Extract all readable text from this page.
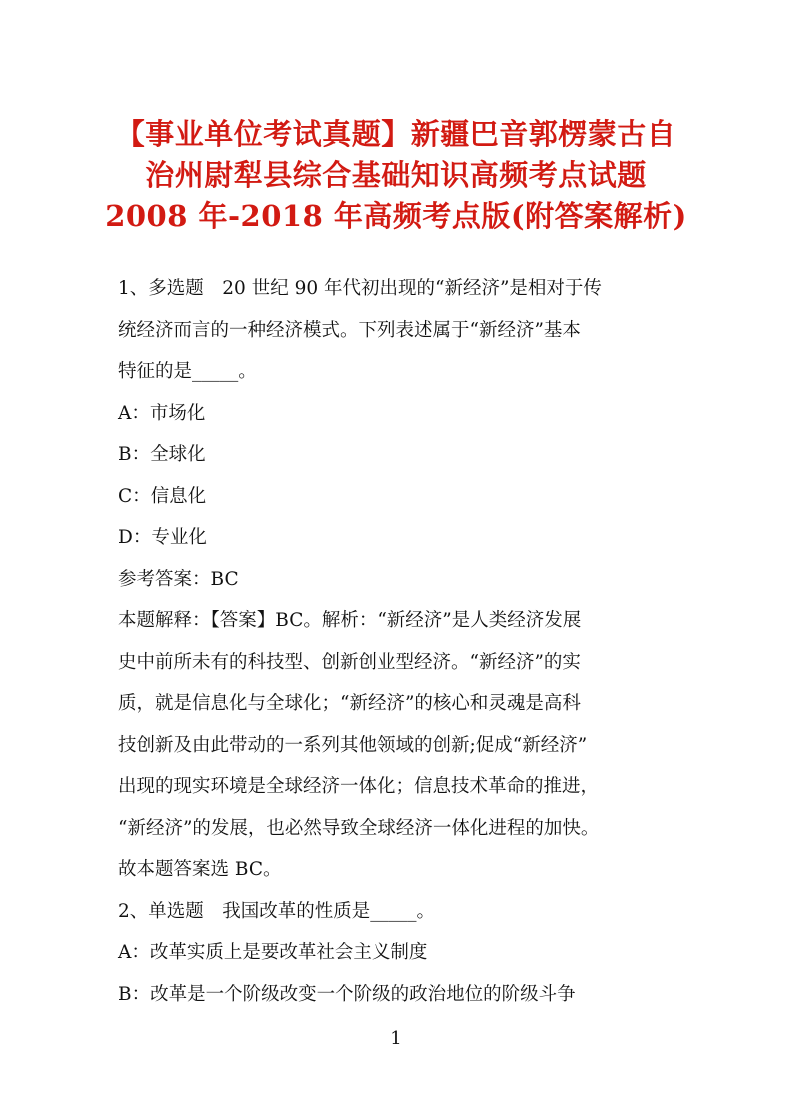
【事业单位考试真题】新疆巴音郭楞蒙古自
治州尉犁县综合基础知识高频考点试题
2008 年-2018 年高频考点版(附答案解析)
1、多选题　20 世纪 90 年代初出现的“新经济”是相对于传
统经济而言的一种经济模式。下列表述属于“新经济”基本
特征的是_____。
A：市场化
B：全球化
C：信息化
D：专业化
参考答案：BC
本题解释：【答案】BC。解析：“新经济”是人类经济发展
史中前所未有的科技型、创新创业型经济。“新经济”的实
质，就是信息化与全球化；“新经济”的核心和灵魂是高科
技创新及由此带动的一系列其他领域的创新;促成“新经济”
出现的现实环境是全球经济一体化；信息技术革命的推进，
“新经济”的发展，也必然导致全球经济一体化进程的加快。
故本题答案选 BC。
2、单选题　我国改革的性质是_____。
A：改革实质上是要改革社会主义制度
B：改革是一个阶级改变一个阶级的政治地位的阶级斗争
1
